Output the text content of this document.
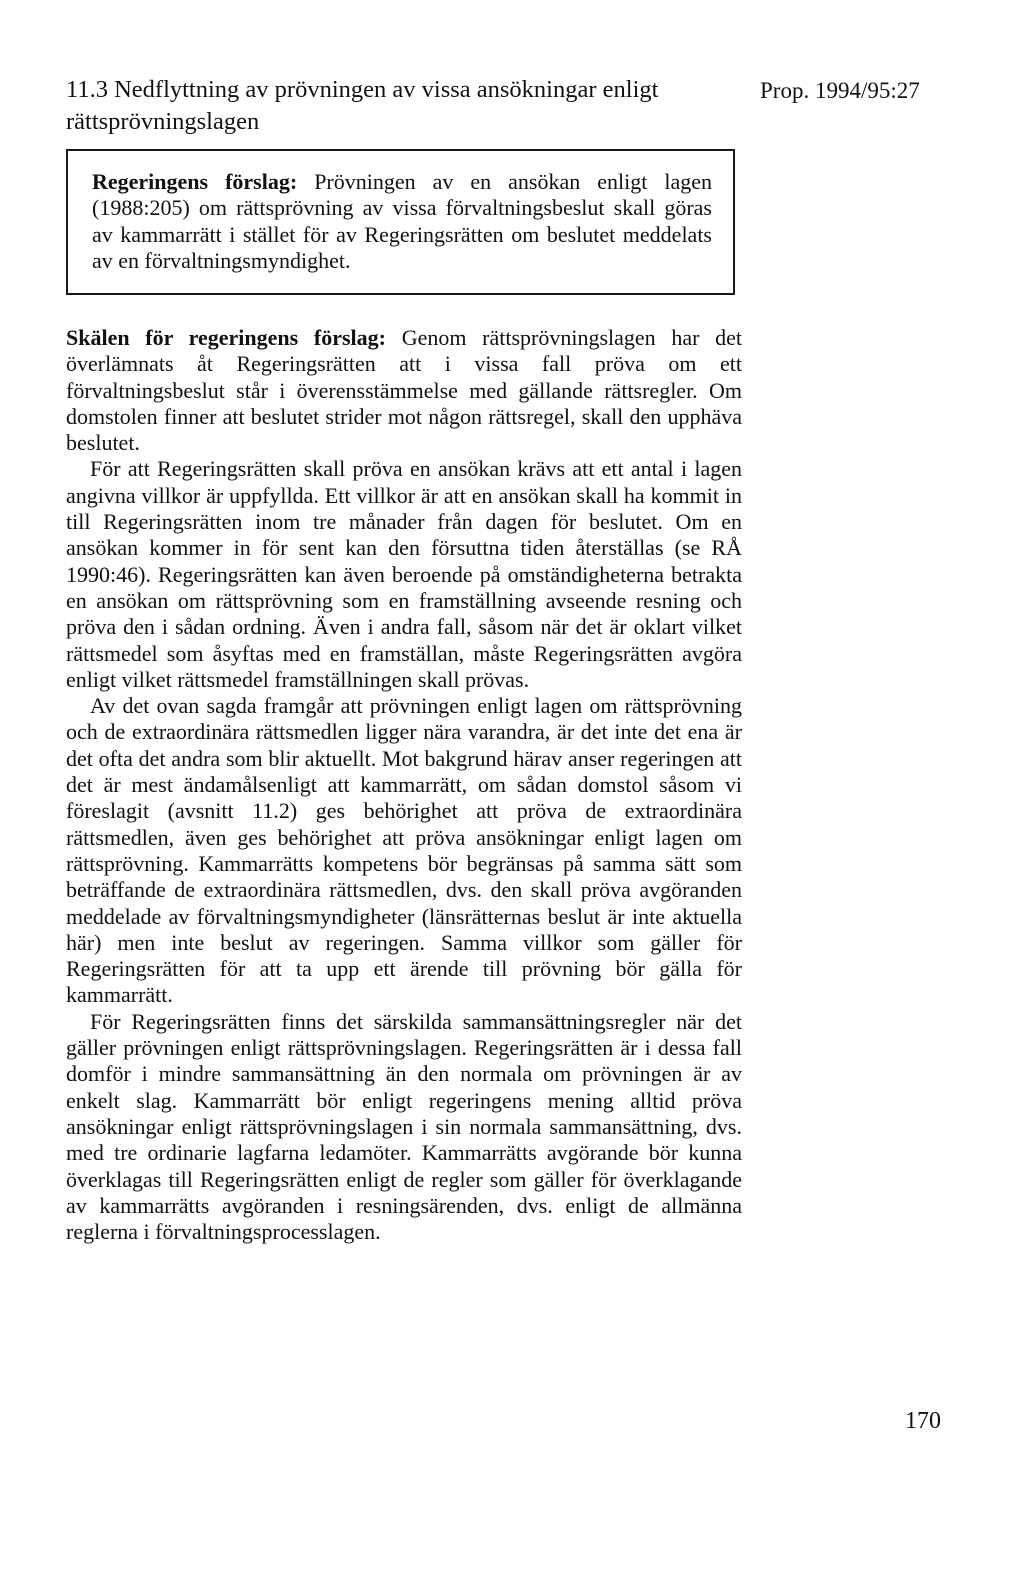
11.3 Nedflyttning av prövningen av vissa ansökningar enligt
rättsprövningslagen
Prop. 1994/95:27

Regeringens förslag: Prövningen av en ansökan enligt lagen (1988:205) om rättsprövning av vissa förvaltningsbeslut skall göras av kammarrätt i stället för av Regeringsrätten om beslutet meddelats av en förvaltningsmyndighet.

Skälen för regeringens förslag: Genom rättsprövningslagen har det överlämnats åt Regeringsrätten att i vissa fall pröva om ett förvaltningsbeslut står i överensstämmelse med gällande rättsregler. Om domstolen finner att beslutet strider mot någon rättsregel, skall den upphäva beslutet.

För att Regeringsrätten skall pröva en ansökan krävs att ett antal i lagen angivna villkor är uppfyllda. Ett villkor är att en ansökan skall ha kommit in till Regeringsrätten inom tre månader från dagen för beslutet. Om en ansökan kommer in för sent kan den försuttna tiden återställas (se RÅ 1990:46). Regeringsrätten kan även beroende på omständigheterna betrakta en ansökan om rättsprövning som en framställning avseende resning och pröva den i sådan ordning. Även i andra fall, såsom när det är oklart vilket rättsmedel som åsyftas med en framställan, måste Regeringsrätten avgöra enligt vilket rättsmedel framställningen skall prövas.

Av det ovan sagda framgår att prövningen enligt lagen om rättsprövning och de extraordinära rättsmedlen ligger nära varandra, är det inte det ena är det ofta det andra som blir aktuellt. Mot bakgrund härav anser regeringen att det är mest ändamålsenligt att kammarrätt, om sådan domstol såsom vi föreslagit (avsnitt 11.2) ges behörighet att pröva de extraordinära rättsmedlen, även ges behörighet att pröva ansökningar enligt lagen om rättsprövning. Kammarrätts kompetens bör begränsas på samma sätt som beträffande de extraordinära rättsmedlen, dvs. den skall pröva avgöranden meddelade av förvaltningsmyndigheter (länsrätternas beslut är inte aktuella här) men inte beslut av regeringen. Samma villkor som gäller för Regeringsrätten för att ta upp ett ärende till prövning bör gälla för kammarrätt.

För Regeringsrätten finns det särskilda sammansättningsregler när det gäller prövningen enligt rättsprövningslagen. Regeringsrätten är i dessa fall domför i mindre sammansättning än den normala om prövningen är av enkelt slag. Kammarrätt bör enligt regeringens mening alltid pröva ansökningar enligt rättsprövningslagen i sin normala sammansättning, dvs. med tre ordinarie lagfarna ledamöter. Kammarrätts avgörande bör kunna överklagas till Regeringsrätten enligt de regler som gäller för överklagande av kammarrätts avgöranden i resningsärenden, dvs. enligt de allmänna reglerna i förvaltningsprocesslagen.

170
